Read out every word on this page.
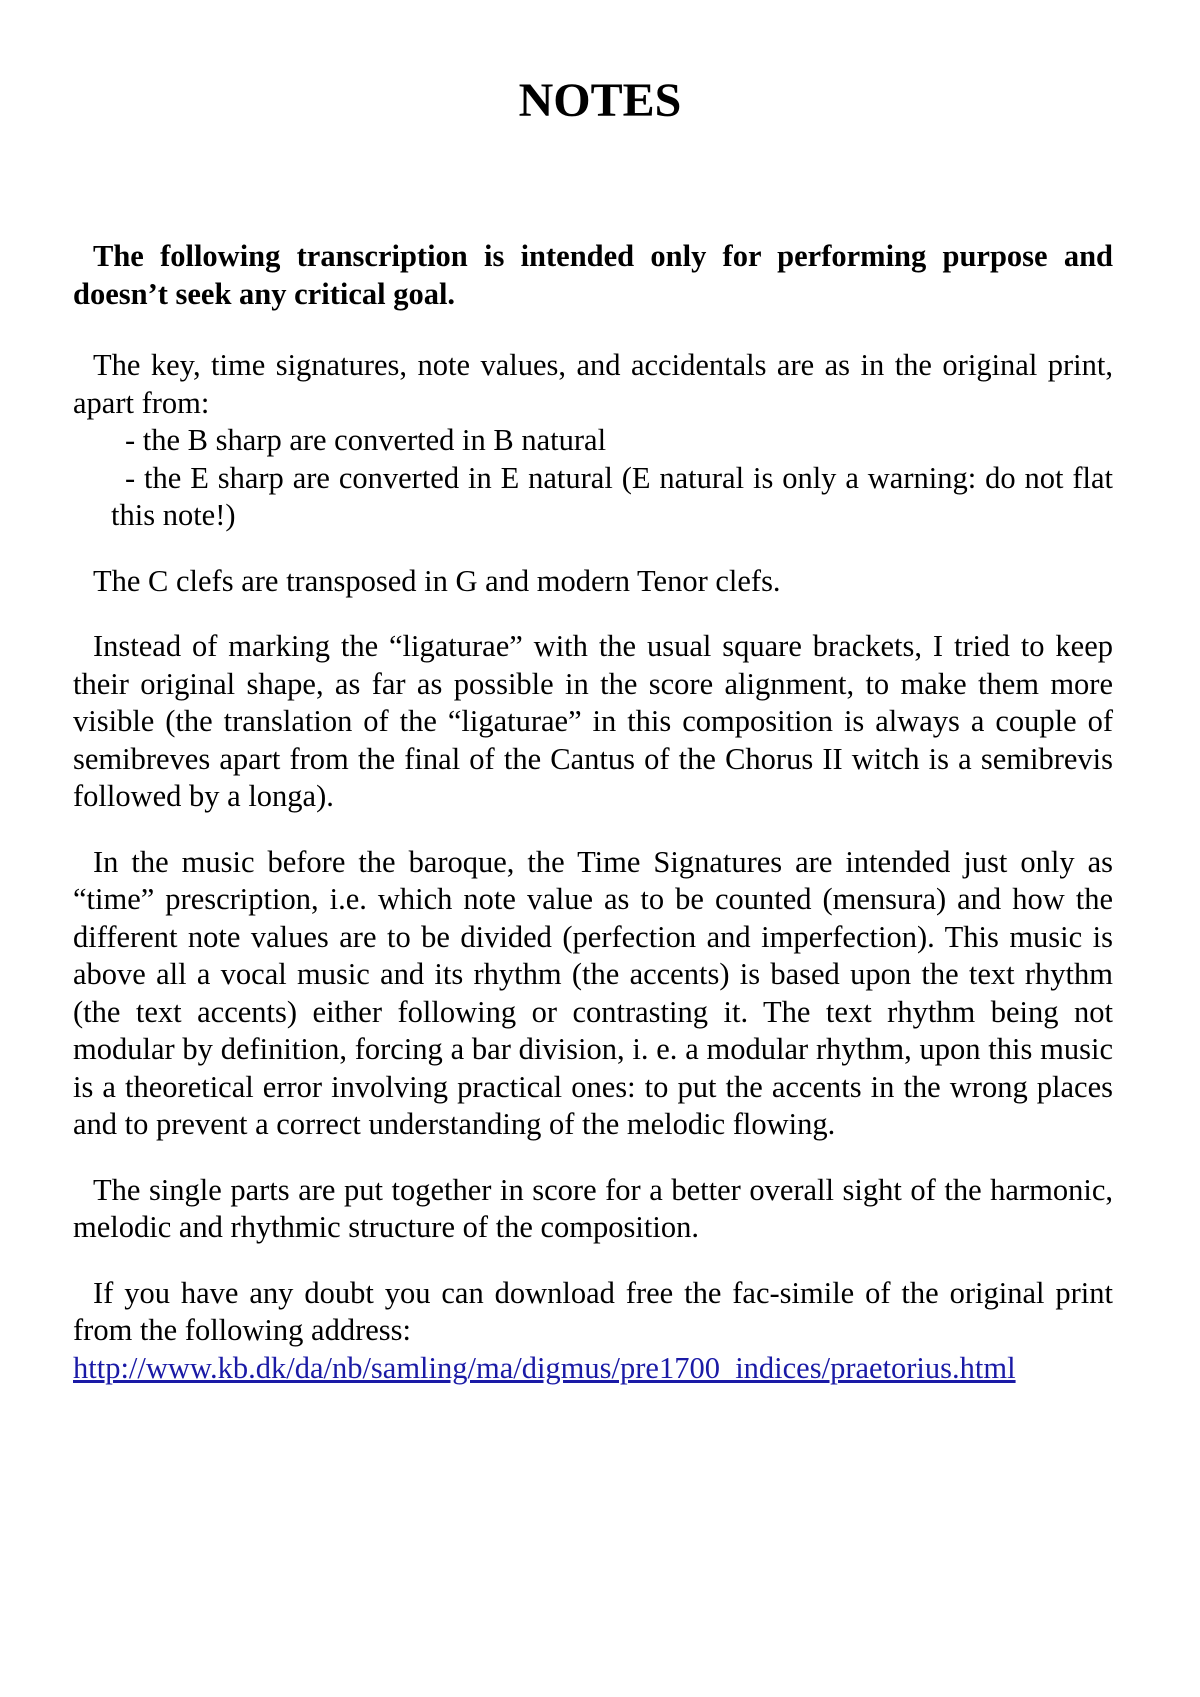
NOTES

The following transcription is intended only for performing purpose and doesn’t seek any critical goal.

The key, time signatures, note values, and accidentals are as in the original print, apart from:

- the B sharp are converted in B natural
- the E sharp are converted in E natural (E natural is only a warning: do not flat this note!)

The C clefs are transposed in G and modern Tenor clefs.

Instead of marking the “ligaturae” with the usual square brackets, I tried to keep their original shape, as far as possible in the score alignment, to make them more visible (the translation of the “ligaturae” in this composition is always a couple of semibreves apart from the final of the Cantus of the Chorus II witch is a semibrevis followed by a longa).

In the music before the baroque, the Time Signatures are intended just only as “time” prescription, i.e. which note value as to be counted (mensura) and how the different note values are to be divided (perfection and imperfection). This music is above all a vocal music and its rhythm (the accents) is based upon the text rhythm (the text accents) either following or contrasting it. The text rhythm being not modular by definition, forcing a bar division, i. e. a modular rhythm, upon this music is a theoretical error involving practical ones: to put the accents in the wrong places and to prevent a correct understanding of the melodic flowing.

The single parts are put together in score for a better overall sight of the harmonic, melodic and rhythmic structure of the composition.

If you have any doubt you can download free the fac-simile of the original print from the following address:
http://www.kb.dk/da/nb/samling/ma/digmus/pre1700_indices/praetorius.html
